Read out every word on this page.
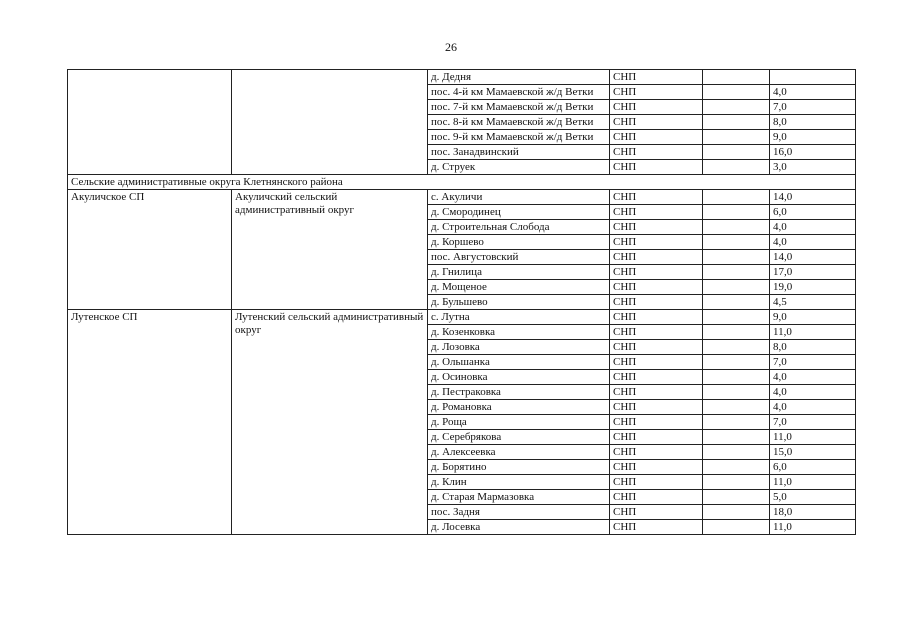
26
		д. Дедня	СНП		
		пос. 4-й км Мамаевской ж/д Ветки	СНП		4,0
		пос. 7-й км Мамаевской ж/д Ветки	СНП		7,0
		пос. 8-й км Мамаевской ж/д Ветки	СНП		8,0
		пос. 9-й км Мамаевской ж/д Ветки	СНП		9,0
		пос. Занадвинский	СНП		16,0
		д. Струек	СНП		3,0
Сельские административные округа Клетнянского района					
Акуличское СП	Акуличский сельский административный округ	с. Акуличи	СНП		14,0
		д. Смородинец	СНП		6,0
		д. Строительная Слобода	СНП		4,0
		д. Коршево	СНП		4,0
		пос. Августовский	СНП		14,0
		д. Гнилица	СНП		17,0
		д. Мощеное	СНП		19,0
		д. Бульшево	СНП		4,5
Лутенское СП	Лутенский сельский административный округ	с. Лутна	СНП		9,0
		д. Козенковка	СНП		11,0
		д. Лозовка	СНП		8,0
		д. Ольшанка	СНП		7,0
		д. Осиновка	СНП		4,0
		д. Пестраковка	СНП		4,0
		д. Романовка	СНП		4,0
		д. Роща	СНП		7,0
		д. Серебрякова	СНП		11,0
		д. Алексеевка	СНП		15,0
		д. Борятино	СНП		6,0
		д. Клин	СНП		11,0
		д. Старая Мармазовка	СНП		5,0
		пос. Задня	СНП		18,0
		д. Лосевка	СНП		11,0
